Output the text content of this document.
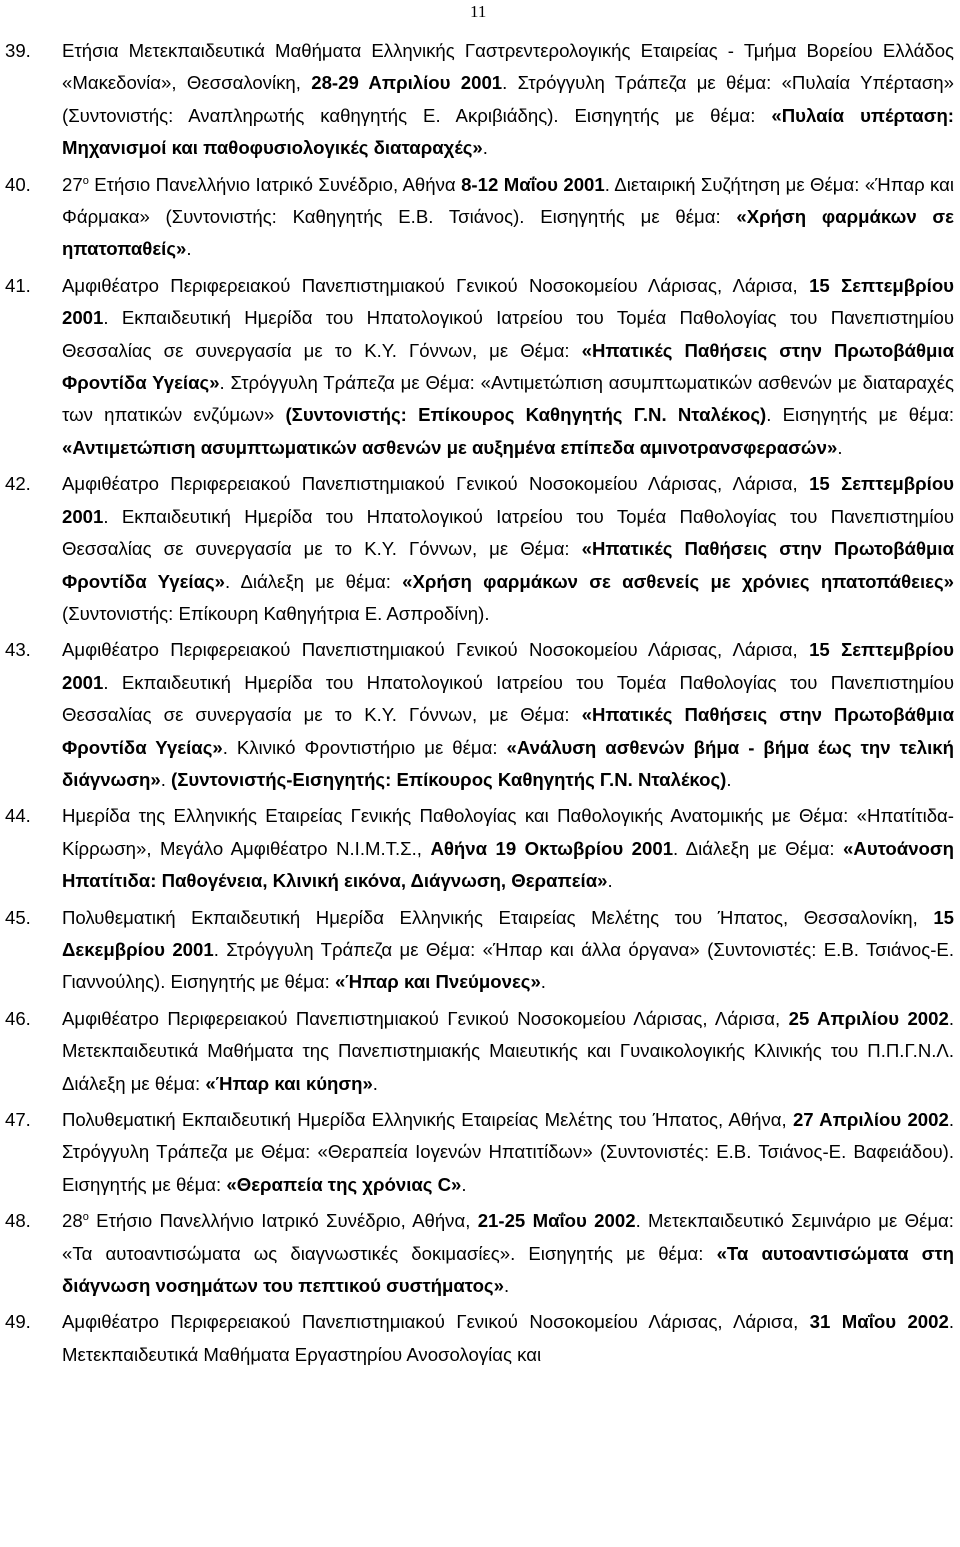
11
39. Ετήσια Μετεκπαιδευτικά Μαθήματα Ελληνικής Γαστρεντερολογικής Εταιρείας - Τμήμα Βορείου Ελλάδος «Μακεδονία», Θεσσαλονίκη, 28-29 Απριλίου 2001. Στρόγγυλη Τράπεζα με θέμα: «Πυλαία Υπέρταση» (Συντονιστής: Αναπληρωτής καθηγητής Ε. Ακριβιάδης). Εισηγητής με θέμα: «Πυλαία υπέρταση: Μηχανισμοί και παθοφυσιολογικές διαταραχές».
40. $27^o$ Ετήσιο Πανελλήνιο Ιατρικό Συνέδριο, Αθήνα 8-12 Μαΐου 2001. Διεταιρική Συζήτηση με Θέμα: «Ήπαρ και Φάρμακα» (Συντονιστής: Καθηγητής Ε.Β. Τσιάνος). Εισηγητής με θέμα: «Χρήση φαρμάκων σε ηπατοπαθείς».
41. Αμφιθέατρο Περιφερειακού Πανεπιστημιακού Γενικού Νοσοκομείου Λάρισας, Λάρισα, 15 Σεπτεμβρίου 2001. Εκπαιδευτική Ημερίδα του Ηπατολογικού Ιατρείου του Τομέα Παθολογίας του Πανεπιστημίου Θεσσαλίας σε συνεργασία με το Κ.Υ. Γόννων, με Θέμα: «Ηπατικές Παθήσεις στην Πρωτοβάθμια Φροντίδα Υγείας». Στρόγγυλη Τράπεζα με Θέμα: «Αντιμετώπιση ασυμπτωματικών ασθενών με διαταραχές των ηπατικών ενζύμων» (Συντονιστής: Επίκουρος Καθηγητής Γ.Ν. Νταλέκος). Εισηγητής με θέμα: «Αντιμετώπιση ασυμπτωματικών ασθενών με αυξημένα επίπεδα αμινοτρανσφερασών».
42. Αμφιθέατρο Περιφερειακού Πανεπιστημιακού Γενικού Νοσοκομείου Λάρισας, Λάρισα, 15 Σεπτεμβρίου 2001. Εκπαιδευτική Ημερίδα του Ηπατολογικού Ιατρείου του Τομέα Παθολογίας του Πανεπιστημίου Θεσσαλίας σε συνεργασία με το Κ.Υ. Γόννων, με Θέμα: «Ηπατικές Παθήσεις στην Πρωτοβάθμια Φροντίδα Υγείας». Διάλεξη με θέμα: «Χρήση φαρμάκων σε ασθενείς με χρόνιες ηπατοπάθειες» (Συντονιστής: Επίκουρη Καθηγήτρια Ε. Ασπροδίνη).
43. Αμφιθέατρο Περιφερειακού Πανεπιστημιακού Γενικού Νοσοκομείου Λάρισας, Λάρισα, 15 Σεπτεμβρίου 2001. Εκπαιδευτική Ημερίδα του Ηπατολογικού Ιατρείου του Τομέα Παθολογίας του Πανεπιστημίου Θεσσαλίας σε συνεργασία με το Κ.Υ. Γόννων, με Θέμα: «Ηπατικές Παθήσεις στην Πρωτοβάθμια Φροντίδα Υγείας». Κλινικό Φροντιστήριο με θέμα: «Ανάλυση ασθενών βήμα - βήμα έως την τελική διάγνωση». (Συντονιστής-Εισηγητής: Επίκουρος Καθηγητής Γ.Ν. Νταλέκος).
44. Ημερίδα της Ελληνικής Εταιρείας Γενικής Παθολογίας και Παθολογικής Ανατομικής με Θέμα: «Ηπατίτιδα-Κίρρωση», Μεγάλο Αμφιθέατρο Ν.Ι.Μ.Τ.Σ., Αθήνα 19 Οκτωβρίου 2001. Διάλεξη με Θέμα: «Αυτοάνοση Ηπατίτιδα: Παθογένεια, Κλινική εικόνα, Διάγνωση, Θεραπεία».
45. Πολυθεματική Εκπαιδευτική Ημερίδα Ελληνικής Εταιρείας Μελέτης του Ήπατος, Θεσσαλονίκη, 15 Δεκεμβρίου 2001. Στρόγγυλη Τράπεζα με Θέμα: «Ήπαρ και άλλα όργανα» (Συντονιστές: Ε.Β. Τσιάνος-Ε. Γιαννούλης). Εισηγητής με θέμα: «Ήπαρ και Πνεύμονες».
46. Αμφιθέατρο Περιφερειακού Πανεπιστημιακού Γενικού Νοσοκομείου Λάρισας, Λάρισα, 25 Απριλίου 2002. Μετεκπαιδευτικά Μαθήματα της Πανεπιστημιακής Μαιευτικής και Γυναικολογικής Κλινικής του Π.Π.Γ.Ν.Λ. Διάλεξη με θέμα: «Ήπαρ και κύηση».
47. Πολυθεματική Εκπαιδευτική Ημερίδα Ελληνικής Εταιρείας Μελέτης του Ήπατος, Αθήνα, 27 Απριλίου 2002. Στρόγγυλη Τράπεζα με Θέμα: «Θεραπεία Ιογενών Ηπατιτίδων» (Συντονιστές: Ε.Β. Τσιάνος-Ε. Βαφειάδου). Εισηγητής με θέμα: «Θεραπεία της χρόνιας C».
48. $28^o$ Ετήσιο Πανελλήνιο Ιατρικό Συνέδριο, Αθήνα, 21-25 Μαΐου 2002. Μετεκπαιδευτικό Σεμινάριο με Θέμα: «Τα αυτοαντισώματα ως διαγνωστικές δοκιμασίες». Εισηγητής με θέμα: «Τα αυτοαντισώματα στη διάγνωση νοσημάτων του πεπτικού συστήματος».
49. Αμφιθέατρο Περιφερειακού Πανεπιστημιακού Γενικού Νοσοκομείου Λάρισας, Λάρισα, 31 Μαΐου 2002. Μετεκπαιδευτικά Μαθήματα Εργαστηρίου Ανοσολογίας και
